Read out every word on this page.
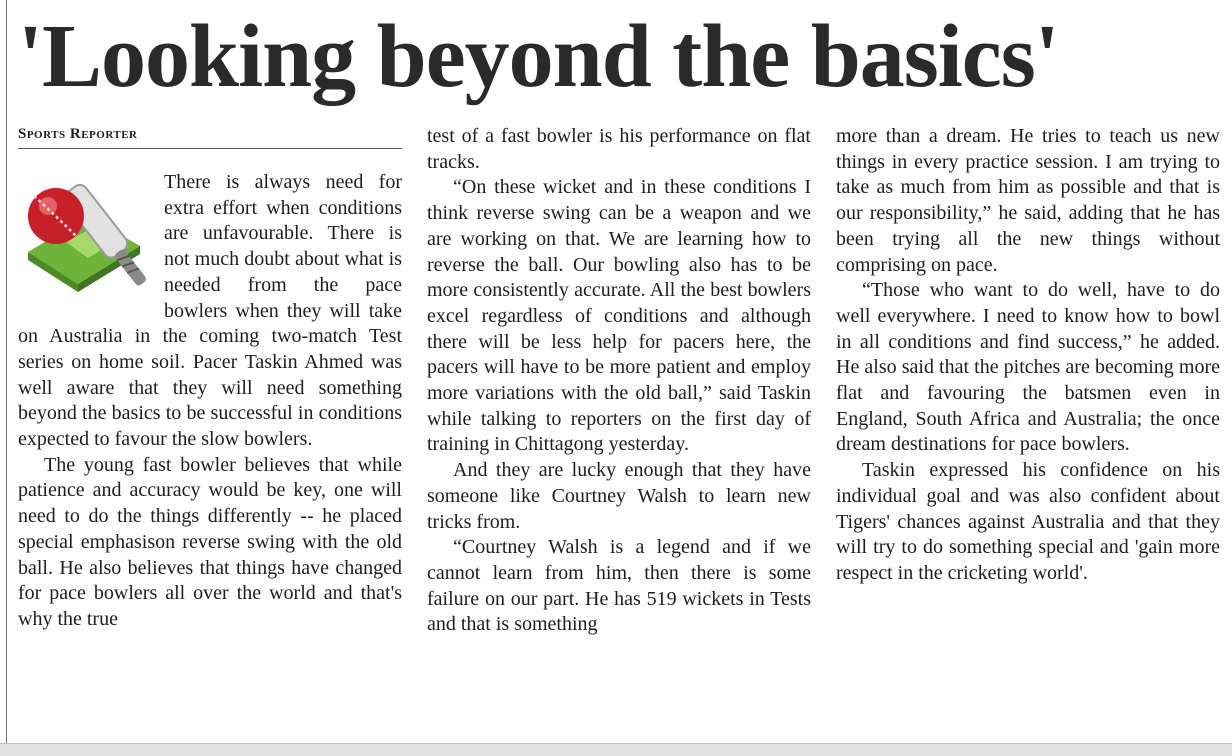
'Looking beyond the basics'
Sports Reporter

There is always need for extra effort when conditions are unfavourable. There is not much doubt about what is needed from the pace bowlers when they will take on Australia in the coming two-match Test series on home soil. Pacer Taskin Ahmed was well aware that they will need something beyond the basics to be successful in conditions expected to favour the slow bowlers.

The young fast bowler believes that while patience and accuracy would be key, one will need to do the things differently -- he placed special emphasison reverse swing with the old ball. He also believes that things have changed for pace bowlers all over the world and that's why the true

test of a fast bowler is his performance on flat tracks.

“On these wicket and in these conditions I think reverse swing can be a weapon and we are working on that. We are learning how to reverse the ball. Our bowling also has to be more consistently accurate. All the best bowlers excel regardless of conditions and although there will be less help for pacers here, the pacers will have to be more patient and employ more variations with the old ball,” said Taskin while talking to reporters on the first day of training in Chittagong yesterday.

And they are lucky enough that they have someone like Courtney Walsh to learn new tricks from.

“Courtney Walsh is a legend and if we cannot learn from him, then there is some failure on our part. He has 519 wickets in Tests and that is something

more than a dream. He tries to teach us new things in every practice session. I am trying to take as much from him as possible and that is our responsibility,” he said, adding that he has been trying all the new things without comprising on pace.

“Those who want to do well, have to do well everywhere. I need to know how to bowl in all conditions and find success,” he added. He also said that the pitches are becoming more flat and favouring the batsmen even in England, South Africa and Australia; the once dream destinations for pace bowlers.

Taskin expressed his confidence on his individual goal and was also confident about Tigers' chances against Australia and that they will try to do something special and 'gain more respect in the cricketing world'.
